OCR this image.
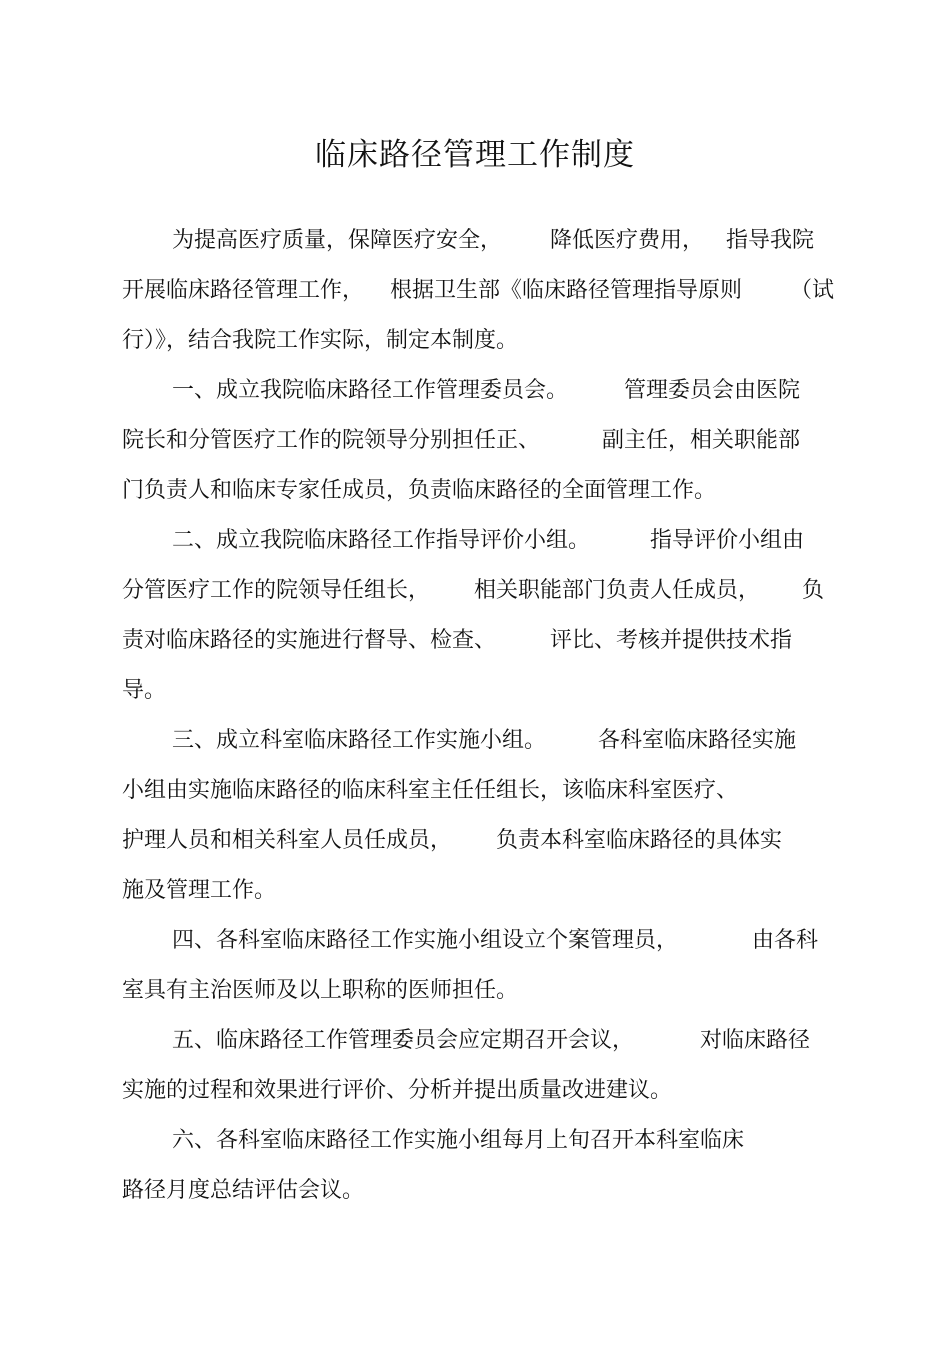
临床路径管理工作制度

为提高医疗质量，保障医疗安全， 降低医疗费用， 指导我院

开展临床路径管理工作， 根据卫生部《临床路径管理指导原则 （试

行）》，结合我院工作实际，制定本制度。

一、成立我院临床路径工作管理委员会。	管理委员会由医院

院长和分管医疗工作的院领导分别担任正、	副主任，相关职能部

门负责人和临床专家任成员，负责临床路径的全面管理工作。

二、成立我院临床路径工作指导评价小组。	指导评价小组由

分管医疗工作的院领导任组长， 相关职能部门负责人任成员， 负

责对临床路径的实施进行督导、检查、 评比、考核并提供技术指

导。

三、成立科室临床路径工作实施小组。 各科室临床路径实施

小组由实施临床路径的临床科室主任任组长，该临床科室医疗、

护理人员和相关科室人员任成员， 负责本科室临床路径的具体实

施及管理工作。

四、各科室临床路径工作实施小组设立个案管理员，	由各科

室具有主治医师及以上职称的医师担任。

五、临床路径工作管理委员会应定期召开会议，	对临床路径

实施的过程和效果进行评价、分析并提出质量改进建议。

六、各科室临床路径工作实施小组每月上旬召开本科室临床

路径月度总结评估会议。
